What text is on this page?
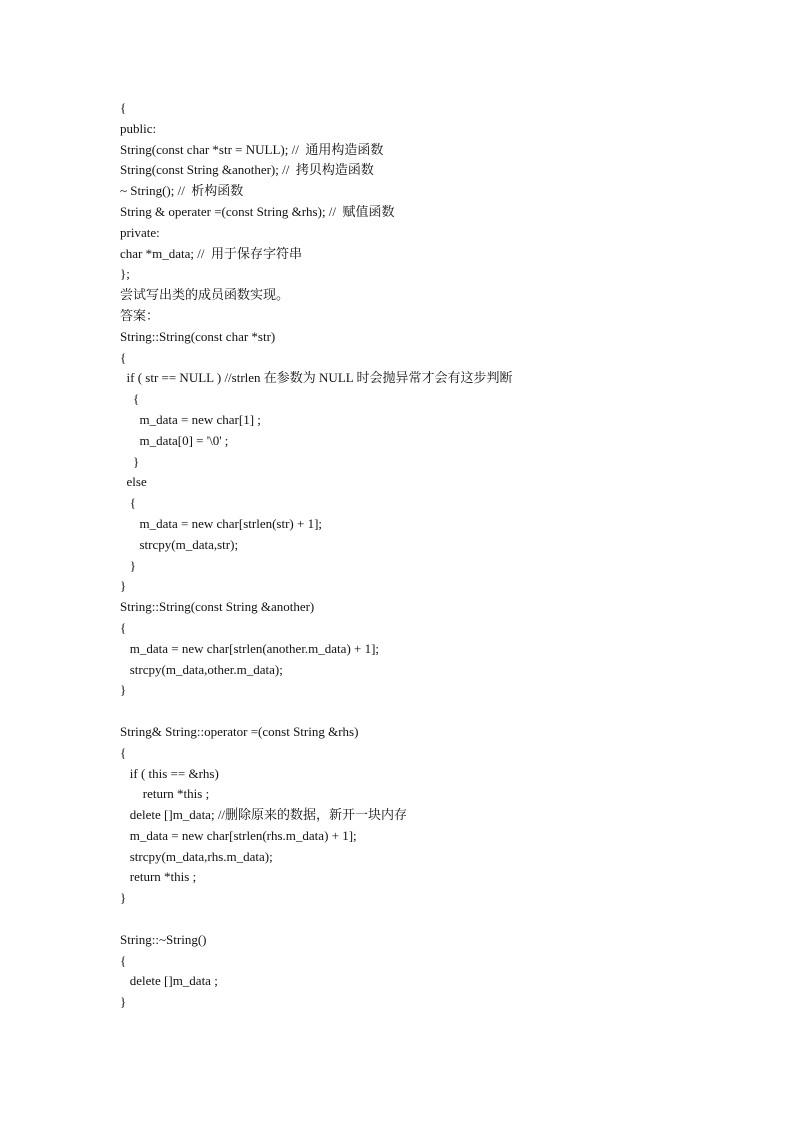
{
public:
String(const char *str = NULL); //  通用构造函数
String(const String &another); //  拷贝构造函数
~ String(); //  析构函数
String & operater =(const String &rhs); //  赋值函数
private:
char *m_data; //  用于保存字符串
};
尝试写出类的成员函数实现。
答案：
String::String(const char *str)
{
if ( str == NULL ) //strlen 在参数为 NULL 时会抛异常才会有这步判断
{
m_data = new char[1] ;
m_data[0] = '\0' ;
}
else
{
m_data = new char[strlen(str) + 1];
strcpy(m_data,str);
}
}
String::String(const String &another)
{
m_data = new char[strlen(another.m_data) + 1];
strcpy(m_data,other.m_data);
}
String& String::operator =(const String &rhs)
{
if ( this == &rhs)
return *this ;
delete []m_data; //删除原来的数据，新开一块内存
m_data = new char[strlen(rhs.m_data) + 1];
strcpy(m_data,rhs.m_data);
return *this ;
}
String::~String()
{
delete []m_data ;
}
